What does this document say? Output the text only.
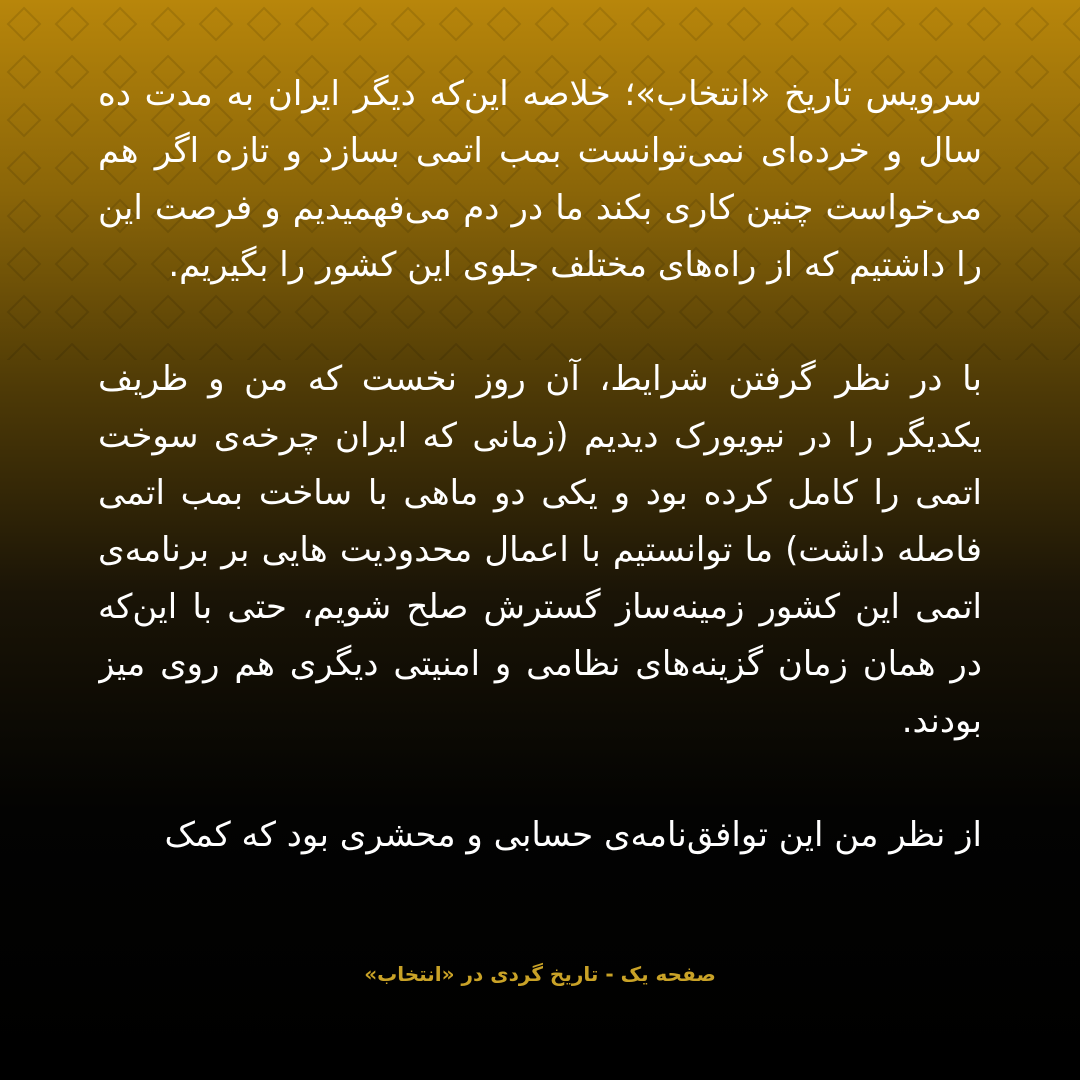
سرویس تاریخ «انتخاب»؛ خلاصه این‌که دیگر ایران به مدت ده سال و خرده‌ای نمی‌توانست بمب اتمی بسازد و تازه اگر هم می‌خواست چنین کاری بکند ما در دم می‌فهمیدیم و فرصت این را داشتیم که از راه‌های مختلف جلوی این کشور را بگیریم.

با در نظر گرفتن شرایط، آن روز نخست که من و ظریف یکدیگر را در نیویورک دیدیم (زمانی که ایران چرخه‌ی سوخت اتمی را کامل کرده بود و یکی دو ماهی با ساخت بمب اتمی فاصله داشت) ما توانستیم با اعمال محدودیت هایی بر برنامه‌ی اتمی این کشور زمینه‌ساز گسترش صلح شویم، حتی با این‌که در همان زمان گزینه‌های نظامی و امنیتی دیگری هم روی میز بودند.

از نظر من این توافق‌نامه‌ی حسابی و محشری بود که کمک

صفحه یک - تاریخ گردی در «انتخاب»
